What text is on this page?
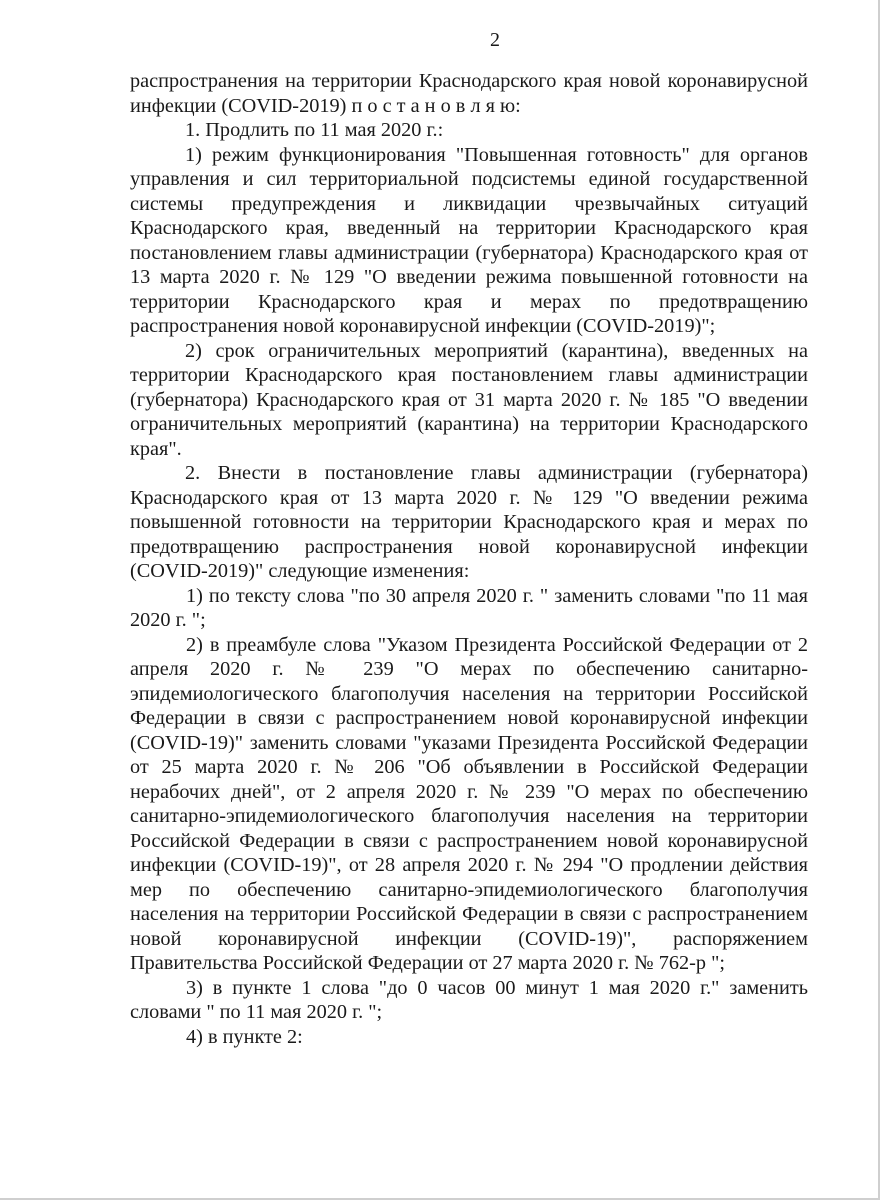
2

распространения на территории Краснодарского края новой коронавирусной инфекции (COVID-2019) п о с т а н о в л я ю:

1. Продлить по 11 мая 2020 г.:

1) режим функционирования "Повышенная готовность" для органов управления и сил территориальной подсистемы единой государственной системы предупреждения и ликвидации чрезвычайных ситуаций Краснодарского края, введенный на территории Краснодарского края постановлением главы администрации (губернатора) Краснодарского края от 13 марта 2020 г. № 129 "О введении режима повышенной готовности на территории Краснодарского края и мерах по предотвращению распространения новой коронавирусной инфекции (COVID-2019)";

2) срок ограничительных мероприятий (карантина), введенных на территории Краснодарского края постановлением главы администрации (губернатора) Краснодарского края от 31 марта 2020 г. № 185 "О введении ограничительных мероприятий (карантина) на территории Краснодарского края".

2. Внести в постановление главы администрации (губернатора) Краснодарского края от 13 марта 2020 г. № 129 "О введении режима повышенной готовности на территории Краснодарского края и мерах по предотвращению распространения новой коронавирусной инфекции (COVID-2019)" следующие изменения:

1) по тексту слова "по 30 апреля 2020 г. " заменить словами "по 11 мая 2020 г. ";

2) в преамбуле слова "Указом Президента Российской Федерации от 2 апреля 2020 г. № 239 "О мерах по обеспечению санитарно-эпидемиологического благополучия населения на территории Российской Федерации в связи с распространением новой коронавирусной инфекции (COVID-19)" заменить словами "указами Президента Российской Федерации от 25 марта 2020 г. № 206 "Об объявлении в Российской Федерации нерабочих дней", от 2 апреля 2020 г. № 239 "О мерах по обеспечению санитарно-эпидемиологического благополучия населения на территории Российской Федерации в связи с распространением новой коронавирусной инфекции (COVID-19)", от 28 апреля 2020 г. № 294 "О продлении действия мер по обеспечению санитарно-эпидемиологического благополучия населения на территории Российской Федерации в связи с распространением новой коронавирусной инфекции (COVID-19)", распоряжением Правительства Российской Федерации от 27 марта 2020 г. № 762-р ";

3) в пункте 1 слова "до 0 часов 00 минут 1 мая 2020 г." заменить словами " по 11 мая 2020 г. ";

4) в пункте 2:
